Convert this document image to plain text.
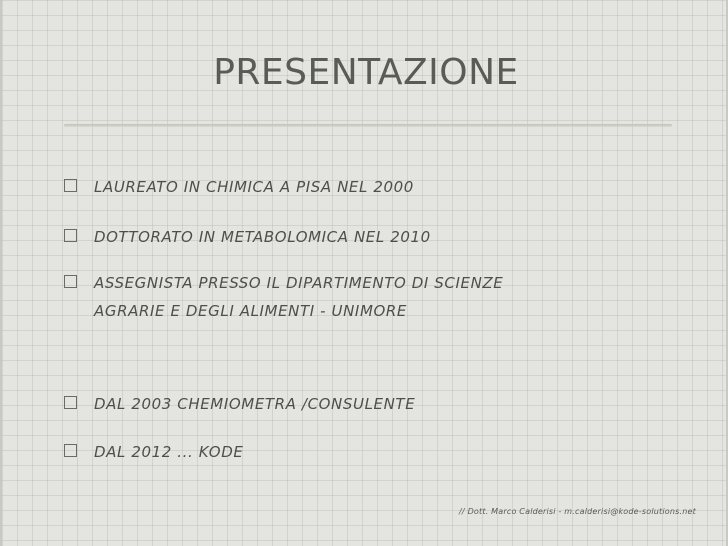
PRESENTAZIONE
LAUREATO IN CHIMICA A PISA NEL 2000
DOTTORATO IN METABOLOMICA NEL 2010
ASSEGNISTA PRESSO IL DIPARTIMENTO DI SCIENZE
AGRARIE E DEGLI ALIMENTI - UNIMORE
DAL 2003 CHEMIOMETRA /CONSULENTE
DAL 2012 ... KODE
// Dott. Marco Calderisi - m.calderisi@kode-solutions.net
